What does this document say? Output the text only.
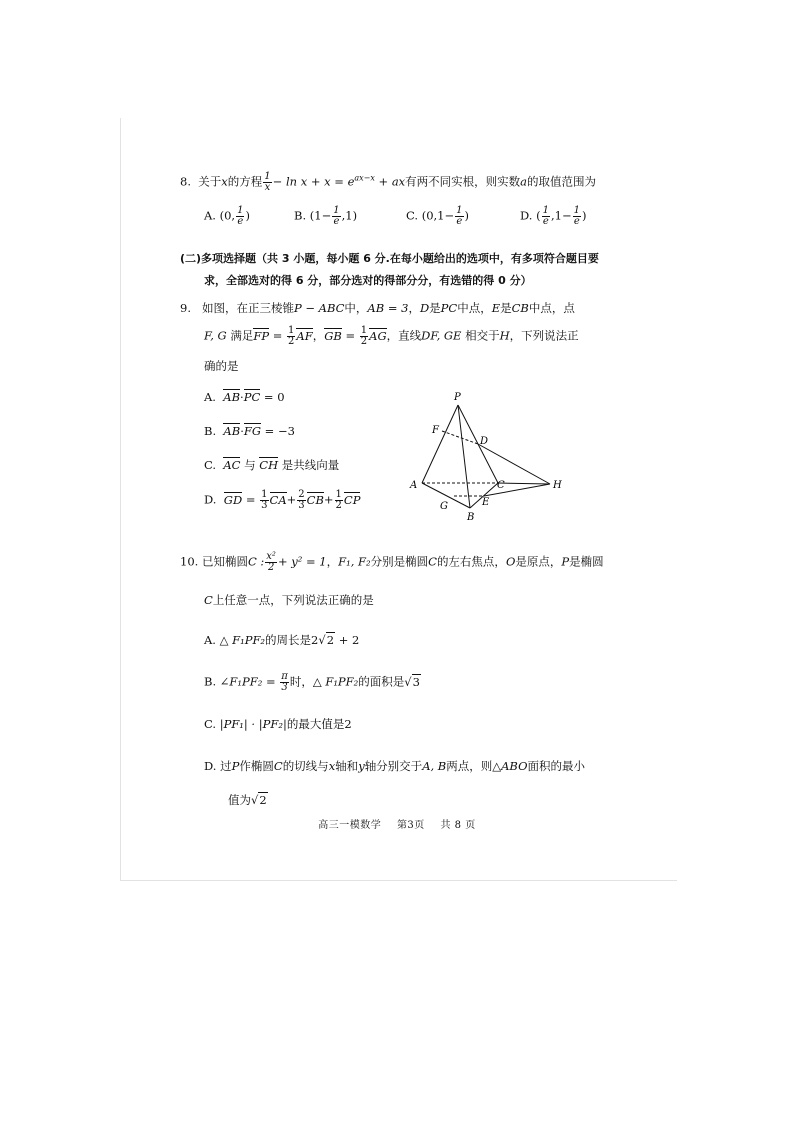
8. 关于x的方程 $\frac{1}{x} - \ln x + x = e^{ax-x}$ + ax有两不同实根，则实数a的取值范围为
A. (0, $\frac{1}{e}$ )	B. $(1- \frac{1}{e} ,1)$	C. ($0,1- \frac{1}{e}$ )	D. ( $\frac{1}{e} ,1- \frac{1}{e}$ )
(二)多项选择题（共 3 小题，每小题 6 分.在每小题给出的选项中，有多项符合题目要
求，全部选对的得 6 分，部分选对的得部分分，有选错的得 0 分）
9. 如图，在正三棱锥P − ABC中，AB = 3，D是PC中点，E是CB中点，点
F, G 满足FP = $\frac{1}{2}$ AF，GB = $\frac{1}{2}$ AG，直线DF, GE 相交于H，下列说法正
确的是
A. AB·PC = 0
B. AB·FG = −3
C. AC 与 CH 是共线向量
D. GD = $\frac{1}{3} CA+ \frac{2}{3} CB+ \frac{1}{2}$ CP
P
F
D
A	C	H
G	E
B
10. 已知椭圆C : $\frac{\text{x²}}{2} + y^2 = 1$，F₁, F₂分别是椭圆C的左右焦点，O是原点，P是椭圆
C上任意一点，下列说法正确的是
A. △ F₁PF₂的周长是2√2 + 2
B. ∠F₁PF₂ = $\frac{\pi}{3}$ 时，△ F₁PF₂的面积是√3
C. |PF₁| · |PF₂|的最大值是2
D. 过P作椭圆C的切线与x轴和y轴分别交于A, B两点，则△ABO面积的最小
值为√2
高三一模数学 第3页 共 8 页
